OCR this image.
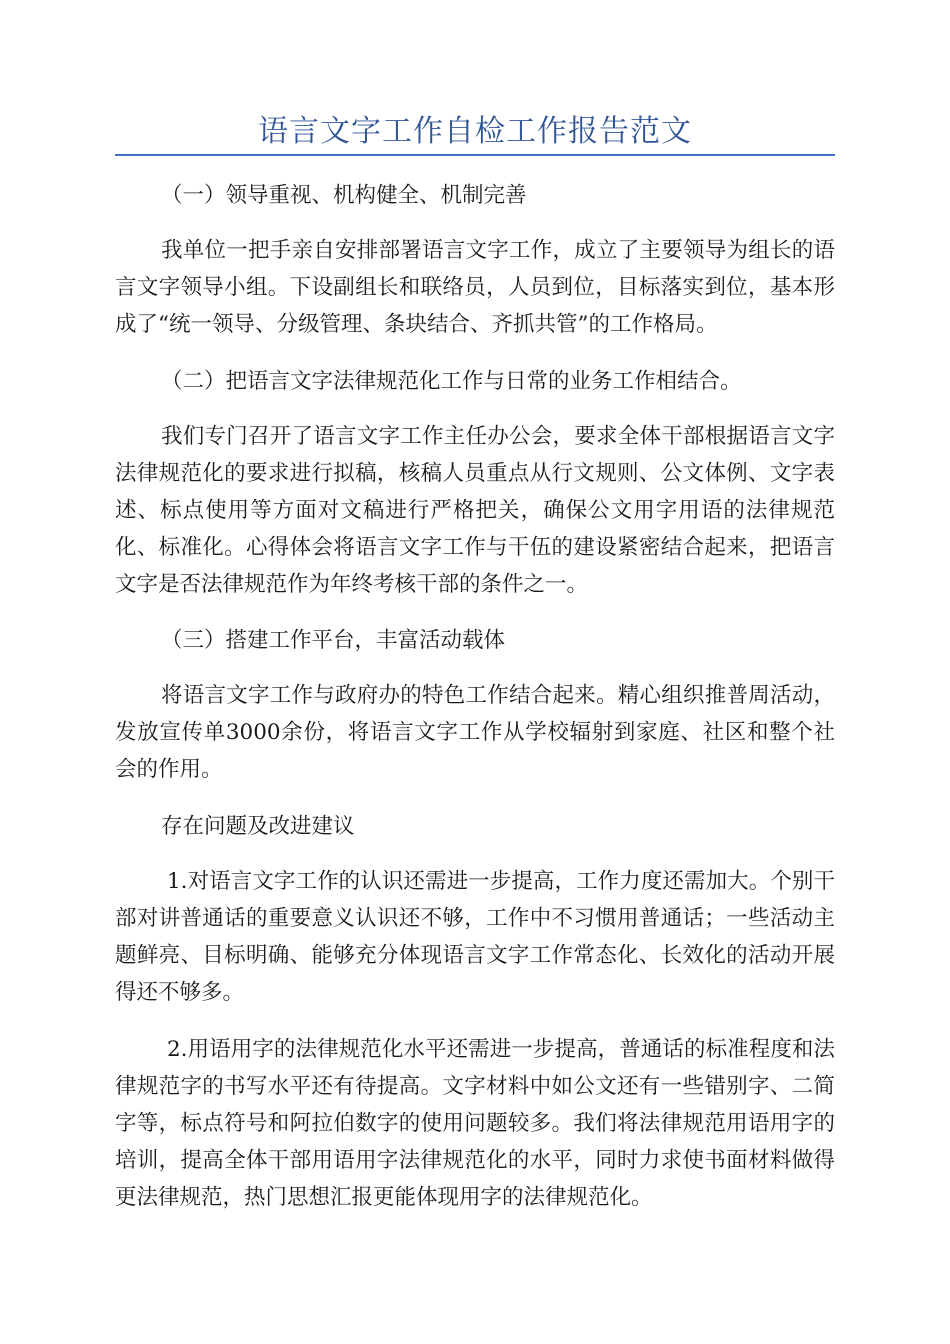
语言文字工作自检工作报告范文

（一）领导重视、机构健全、机制完善

我单位一把手亲自安排部署语言文字工作，成立了主要领导为组长的语言文字领导小组。下设副组长和联络员，人员到位，目标落实到位，基本形成了“统一领导、分级管理、条块结合、齐抓共管”的工作格局。

（二）把语言文字法律规范化工作与日常的业务工作相结合。

我们专门召开了语言文字工作主任办公会，要求全体干部根据语言文字法律规范化的要求进行拟稿，核稿人员重点从行文规则、公文体例、文字表述、标点使用等方面对文稿进行严格把关，确保公文用字用语的法律规范化、标准化。心得体会将语言文字工作与干伍的建设紧密结合起来，把语言文字是否法律规范作为年终考核干部的条件之一。

（三）搭建工作平台，丰富活动载体

将语言文字工作与政府办的特色工作结合起来。精心组织推普周活动，发放宣传单3000余份，将语言文字工作从学校辐射到家庭、社区和整个社会的作用。

存在问题及改进建议

1.对语言文字工作的认识还需进一步提高，工作力度还需加大。个别干部对讲普通话的重要意义认识还不够，工作中不习惯用普通话；一些活动主题鲜亮、目标明确、能够充分体现语言文字工作常态化、长效化的活动开展得还不够多。

2.用语用字的法律规范化水平还需进一步提高，普通话的标准程度和法律规范字的书写水平还有待提高。文字材料中如公文还有一些错别字、二简字等，标点符号和阿拉伯数字的使用问题较多。我们将法律规范用语用字的培训，提高全体干部用语用字法律规范化的水平，同时力求使书面材料做得更法律规范，热门思想汇报更能体现用字的法律规范化。
